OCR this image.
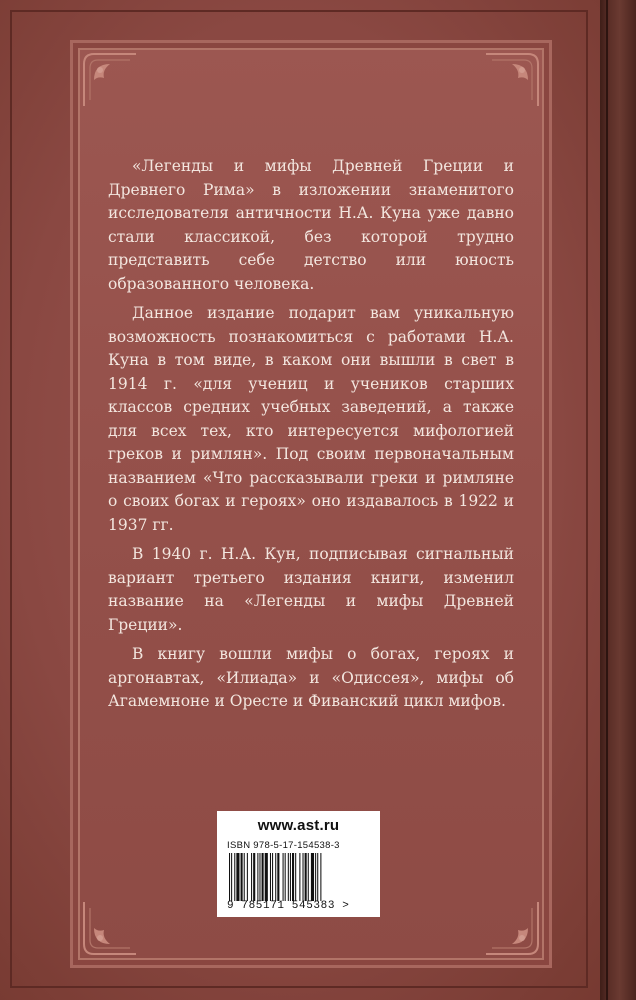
«Легенды и мифы Древней Греции и Древнего Рима» в изложении знаменитого исследователя античности Н.А. Куна уже давно стали классикой, без которой трудно представить себе детство или юность образованного человека.

Данное издание подарит вам уникальную возможность познакомиться с работами Н.А. Куна в том виде, в каком они вышли в свет в 1914 г. «для учениц и учеников старших классов средних учебных заведений, а также для всех тех, кто интересуется мифологией греков и римлян». Под своим первоначальным названием «Что рассказывали греки и римляне о своих богах и героях» оно издавалось в 1922 и 1937 гг.

В 1940 г. Н.А. Кун, подписывая сигнальный вариант третьего издания книги, изменил название на «Легенды и мифы Древней Греции».

В книгу вошли мифы о богах, героях и аргонавтах, «Илиада» и «Одиссея», мифы об Агамемноне и Оресте и Фиванский цикл мифов.

www.ast.ru
ISBN 978-5-17-154538-3
9 785171 545383 >
